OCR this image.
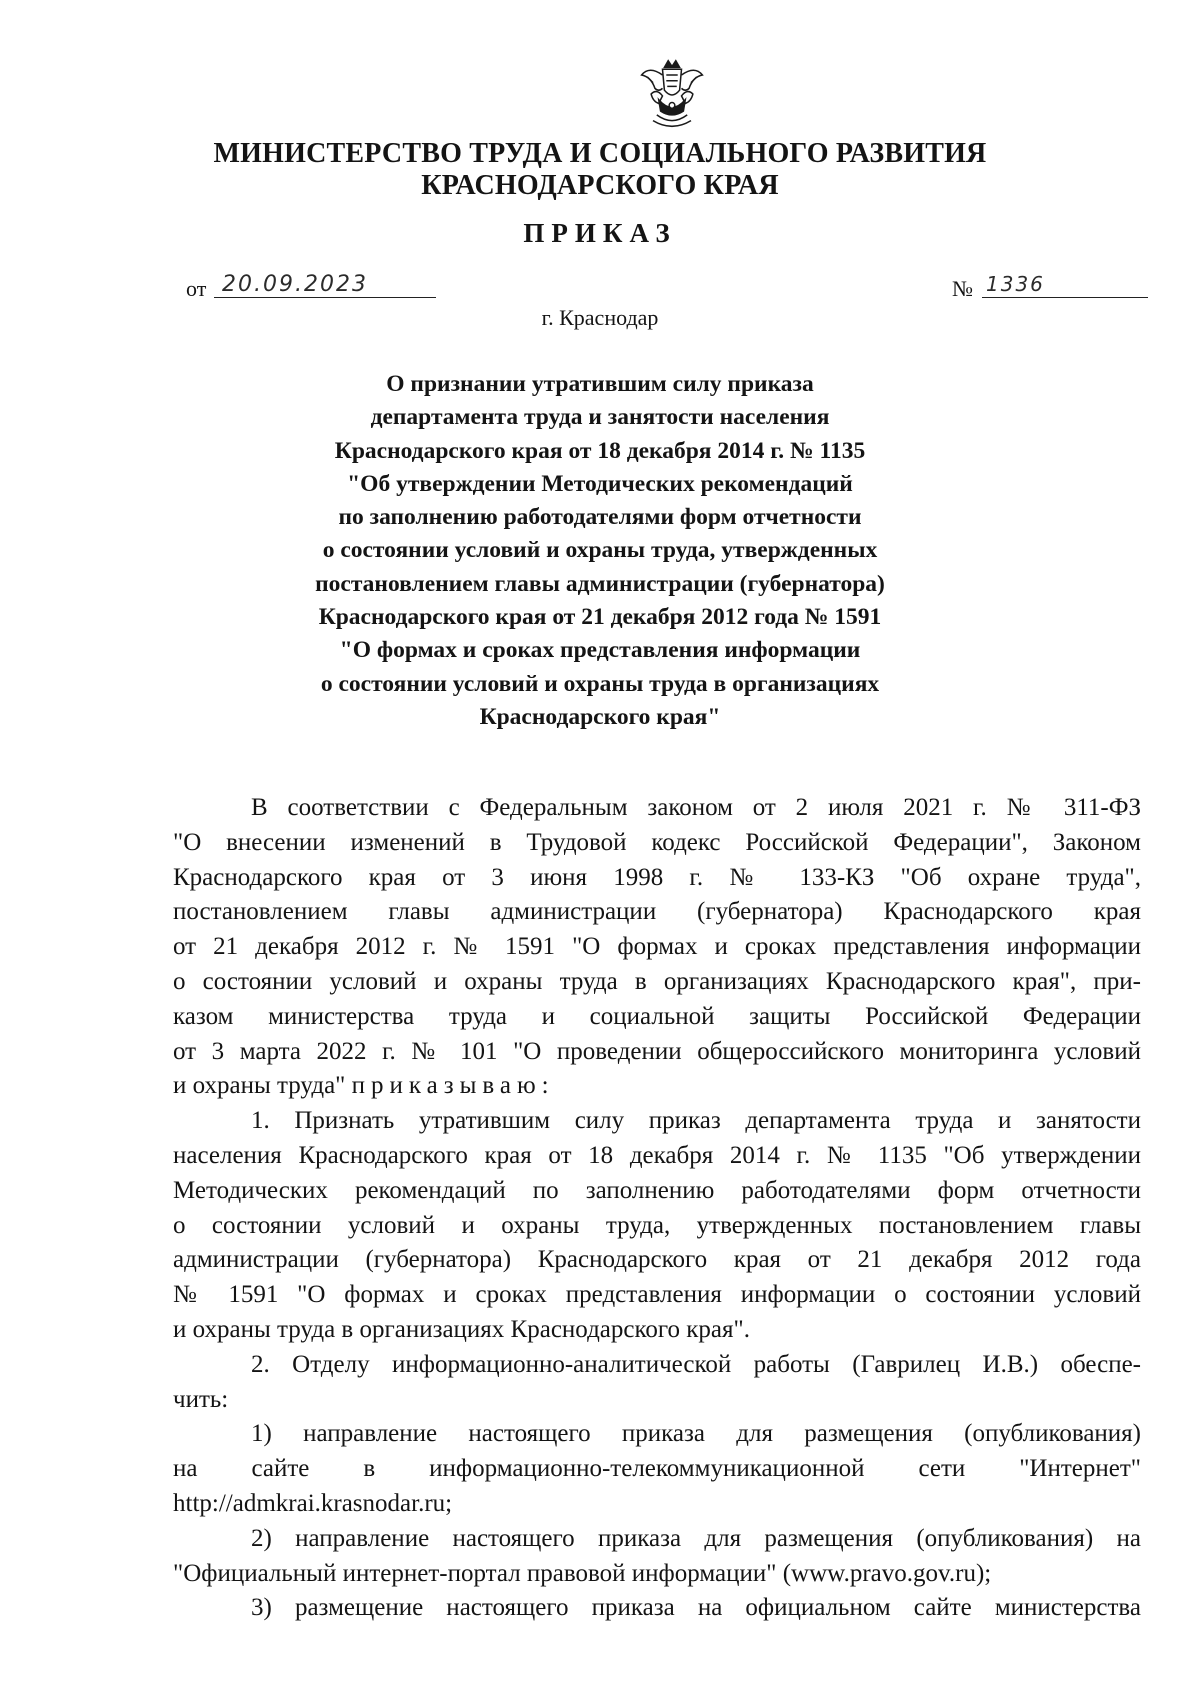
МИНИСТЕРСТВО ТРУДА И СОЦИАЛЬНОГО РАЗВИТИЯ
КРАСНОДАРСКОГО КРАЯ
ПРИКАЗ
от 20.09.2023	№ 1336
г. Краснодар
О признании утратившим силу приказа
департамента труда и занятости населения
Краснодарского края от 18 декабря 2014 г. № 1135
"Об утверждении Методических рекомендаций
по заполнению работодателями форм отчетности
о состоянии условий и охраны труда, утвержденных
постановлением главы администрации (губернатора)
Краснодарского края от 21 декабря 2012 года № 1591
"О формах и сроках представления информации
о состоянии условий и охраны труда в организациях
Краснодарского края"
В соответствии с Федеральным законом от 2 июля 2021 г. № 311-ФЗ
"О внесении изменений в Трудовой кодекс Российской Федерации", Законом
Краснодарского края от 3 июня 1998 г. № 133-КЗ "Об охране труда",
постановлением главы администрации (губернатора) Краснодарского края
от 21 декабря 2012 г. № 1591 "О формах и сроках представления информации
о состоянии условий и охраны труда в организациях Краснодарского края", при-
казом министерства труда и социальной защиты Российской Федерации
от 3 марта 2022 г. № 101 "О проведении общероссийского мониторинга условий
и охраны труда" приказываю:
1. Признать утратившим силу приказ департамента труда и занятости
населения Краснодарского края от 18 декабря 2014 г. № 1135 "Об утверждении
Методических рекомендаций по заполнению работодателями форм отчетности
о состоянии условий и охраны труда, утвержденных постановлением главы
администрации (губернатора) Краснодарского края от 21 декабря 2012 года
№ 1591 "О формах и сроках представления информации о состоянии условий
и охраны труда в организациях Краснодарского края".
2. Отделу информационно-аналитической работы (Гаврилец И.В.) обеспе-
чить:
1) направление настоящего приказа для размещения (опубликования)
на сайте в информационно-телекоммуникационной сети "Интернет"
http://admkrai.krasnodar.ru;
2) направление настоящего приказа для размещения (опубликования) на
"Официальный интернет-портал правовой информации" (www.pravo.gov.ru);
3) размещение настоящего приказа на официальном сайте министерства
